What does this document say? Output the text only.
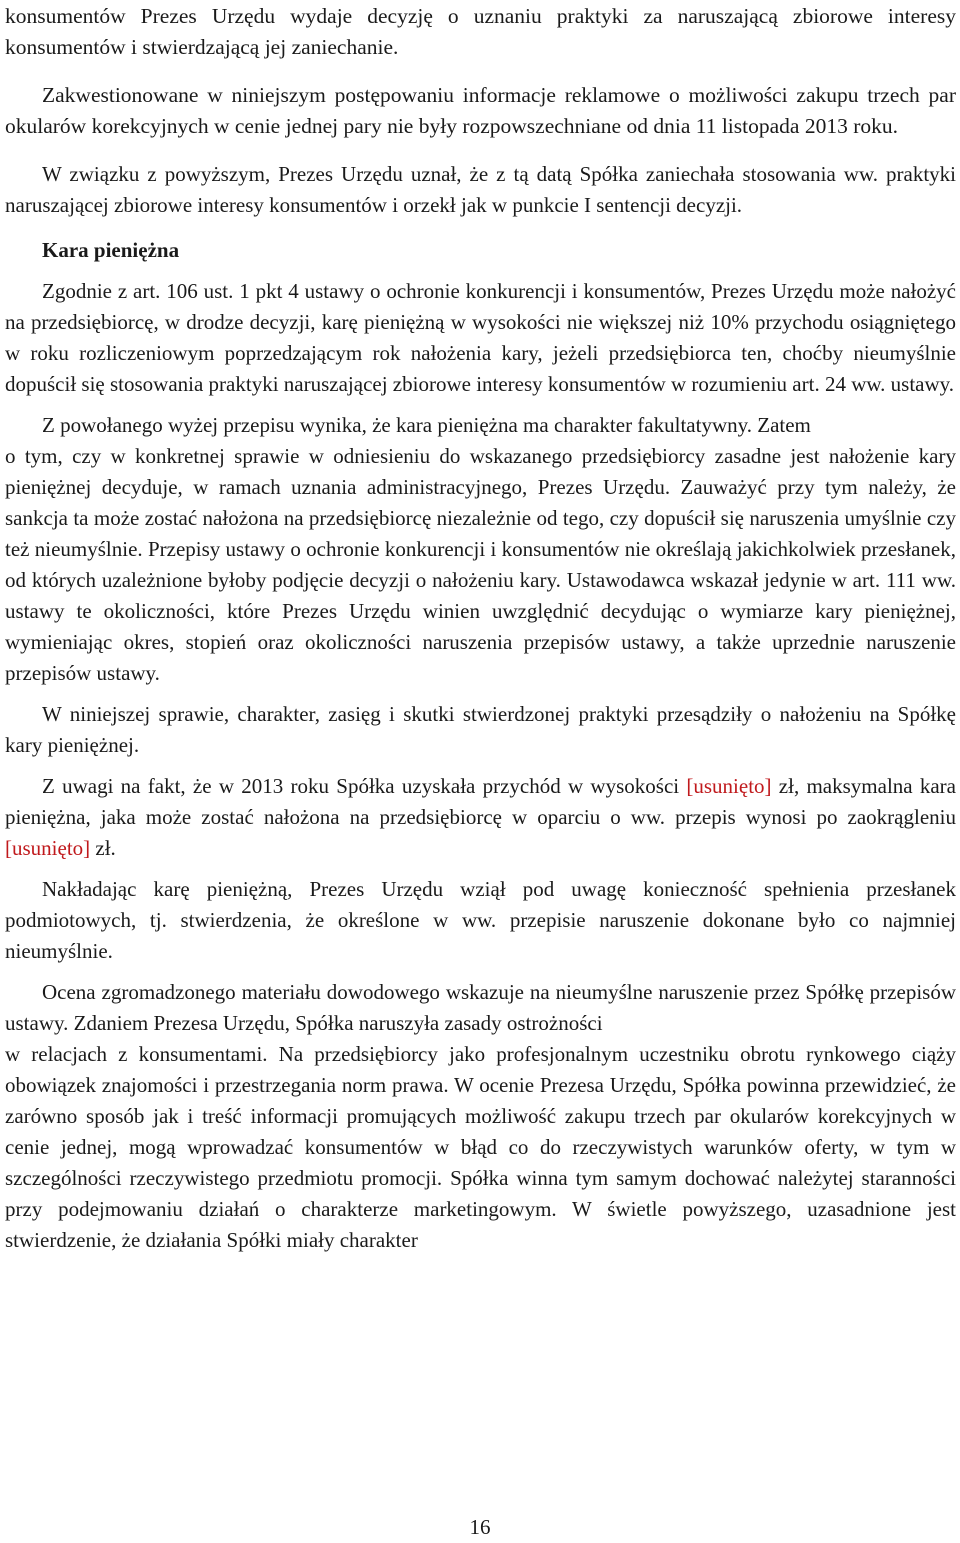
konsumentów Prezes Urzędu wydaje decyzję o uznaniu praktyki za naruszającą zbiorowe interesy konsumentów i stwierdzającą jej zaniechanie.

Zakwestionowane w niniejszym postępowaniu informacje reklamowe o możliwości zakupu trzech par okularów korekcyjnych w cenie jednej pary nie były rozpowszechniane od dnia 11 listopada 2013 roku.

W związku z powyższym, Prezes Urzędu uznał, że z tą datą Spółka zaniechała stosowania ww. praktyki naruszającej zbiorowe interesy konsumentów i orzekł jak w punkcie I sentencji decyzji.

Kara pieniężna

Zgodnie z art. 106 ust. 1 pkt 4 ustawy o ochronie konkurencji i konsumentów, Prezes Urzędu może nałożyć na przedsiębiorcę, w drodze decyzji, karę pieniężną w wysokości nie większej niż 10% przychodu osiągniętego w roku rozliczeniowym poprzedzającym rok nałożenia kary, jeżeli przedsiębiorca ten, choćby nieumyślnie dopuścił się stosowania praktyki naruszającej zbiorowe interesy konsumentów w rozumieniu art. 24 ww. ustawy.

Z powołanego wyżej przepisu wynika, że kara pieniężna ma charakter fakultatywny. Zatem

o tym, czy w konkretnej sprawie w odniesieniu do wskazanego przedsiębiorcy zasadne jest nałożenie kary pieniężnej decyduje, w ramach uznania administracyjnego, Prezes Urzędu. Zauważyć przy tym należy, że sankcja ta może zostać nałożona na przedsiębiorcę niezależnie od tego, czy dopuścił się naruszenia umyślnie czy też nieumyślnie. Przepisy ustawy o ochronie konkurencji i konsumentów nie określają jakichkolwiek przesłanek, od których uzależnione byłoby podjęcie decyzji o nałożeniu kary. Ustawodawca wskazał jedynie w art. 111 ww. ustawy te okoliczności, które Prezes Urzędu winien uwzględnić decydując o wymiarze kary pieniężnej, wymieniając okres, stopień oraz okoliczności naruszenia przepisów ustawy, a także uprzednie naruszenie przepisów ustawy.

W niniejszej sprawie, charakter, zasięg i skutki stwierdzonej praktyki przesądziły o nałożeniu na Spółkę kary pieniężnej.

Z uwagi na fakt, że w 2013 roku Spółka uzyskała przychód w wysokości [usunięto] zł, maksymalna kara pieniężna, jaka może zostać nałożona na przedsiębiorcę w oparciu o ww. przepis wynosi po zaokrągleniu [usunięto] zł.

Nakładając karę pieniężną, Prezes Urzędu wziął pod uwagę konieczność spełnienia przesłanek podmiotowych, tj. stwierdzenia, że określone w ww. przepisie naruszenie dokonane było co najmniej nieumyślnie.

Ocena zgromadzonego materiału dowodowego wskazuje na nieumyślne naruszenie przez Spółkę przepisów ustawy. Zdaniem Prezesa Urzędu, Spółka naruszyła zasady ostrożności

w relacjach z konsumentami. Na przedsiębiorcy jako profesjonalnym uczestniku obrotu rynkowego ciąży obowiązek znajomości i przestrzegania norm prawa. W ocenie Prezesa Urzędu, Spółka powinna przewidzieć, że zarówno sposób jak i treść informacji promujących możliwość zakupu trzech par okularów korekcyjnych w cenie jednej, mogą wprowadzać konsumentów w błąd co do rzeczywistych warunków oferty, w tym w szczególności rzeczywistego przedmiotu promocji. Spółka winna tym samym dochować należytej staranności przy podejmowaniu działań o charakterze marketingowym. W świetle powyższego, uzasadnione jest stwierdzenie, że działania Spółki miały charakter

16
